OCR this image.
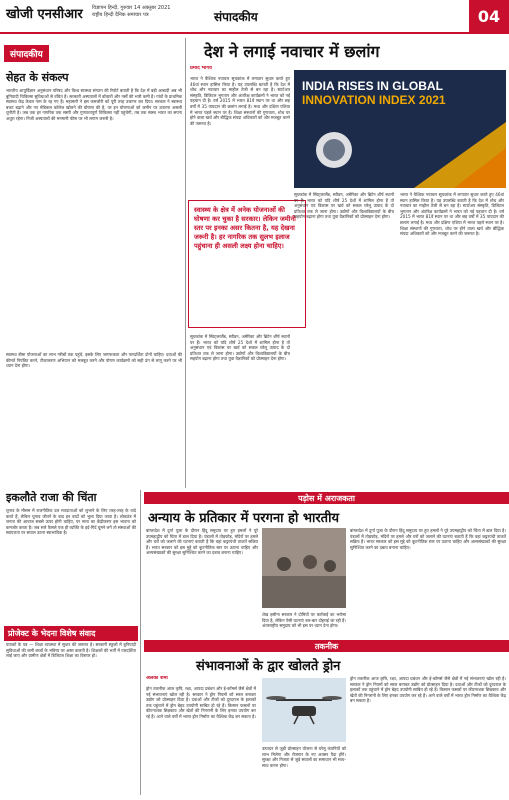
खोजी एनसीआर विज्ञापन हिन्दी, गुरुवार 14 अक्तूबर 2021
राष्ट्रीय हिन्दी दैनिक समाचार पत्र	संपादकीय	04
संपादकीय
सेहत के संकल्प
भारतीय आयुर्विज्ञान अनुसंधान परिषद और विश्व स्वास्थ्य संगठन की रिपोर्ट बताती है कि देश में बड़ी आबादी अब भी बुनियादी चिकित्सा सुविधाओं से वंचित है। सरकारी अस्पतालों में डॉक्टरों और नर्सों की भारी कमी है। गांवों के प्राथमिक स्वास्थ्य केंद्र केवल नाम के रह गए हैं। महामारी ने इस कमजोरी को पूरी तरह उजागर कर दिया। सरकार ने स्वास्थ्य बजट बढ़ाने और नए मेडिकल कॉलेज खोलने की घोषणा की है, पर इन घोषणाओं को जमीन पर उतारना असली चुनौती है। जब तक हर नागरिक तक सस्ती और गुणवत्तापूर्ण चिकित्सा नहीं पहुंचेगी, तब तक स्वस्थ भारत का सपना अधूरा रहेगा। निजी अस्पतालों की मनमानी फीस पर भी लगाम जरूरी है।
स्वास्थ्य बीमा योजनाओं का लाभ गरीबों तक पहुंचे, इसके लिए जागरूकता और पारदर्शिता दोनों चाहिए। दवाओं की कीमतें नियंत्रित करने, टीकाकरण अभियान को मजबूत करने और पोषण कार्यक्रमों को सही ढंग से लागू करने पर भी ध्यान देना होगा।
स्वास्थ्य के क्षेत्र में अनेक योजनाओं की घोषणा कर चुका है सरकार। लेकिन जमीनी स्तर पर इनका असर कितना है, यह देखना जरूरी है। हर नागरिक तक सुलभ इलाज पहुंचाना ही असली लक्ष्य होना चाहिए।
देश ने लगाई नवाचार में छलांग
प्रमोद भार्गव
भारत ने वैश्विक नवाचार सूचकांक में लगातार सुधार करते हुए 46वां स्थान हासिल किया है। यह उपलब्धि बताती है कि देश में शोध और नवाचार का माहौल तेजी से बन रहा है। स्टार्टअप संस्कृति, डिजिटल भुगतान और अंतरिक्ष कार्यक्रमों ने भारत को नई पहचान दी है। वर्ष 2015 में भारत 81वें स्थान पर था और छह वर्षों में 35 पायदान की छलांग लगाई है। मध्य और दक्षिण एशिया में भारत पहले स्थान पर है। शिक्षा संस्थानों की गुणवत्ता, शोध पर होने वाला खर्च और बौद्धिक संपदा अधिकारों को और मजबूत करने की जरूरत है।
INDIA RISES IN GLOBAL
INNOVATION INDEX 2021
सूचकांक में स्विट्जरलैंड, स्वीडन, अमेरिका और ब्रिटेन शीर्ष स्थानों पर हैं। भारत को यदि शीर्ष 25 देशों में शामिल होना है तो अनुसंधान एवं विकास पर खर्च को सकल घरेलू उत्पाद के दो प्रतिशत तक ले जाना होगा। उद्योगों और विश्वविद्यालयों के बीच सहयोग बढ़ाना होगा तथा युवा वैज्ञानिकों को प्रोत्साहन देना होगा।
भारत ने वैश्विक नवाचार सूचकांक में लगातार सुधार करते हुए 46वां स्थान हासिल किया है। यह उपलब्धि बताती है कि देश में शोध और नवाचार का माहौल तेजी से बन रहा है। स्टार्टअप संस्कृति, डिजिटल भुगतान और अंतरिक्ष कार्यक्रमों ने भारत को नई पहचान दी है। वर्ष 2015 में भारत 81वें स्थान पर था और छह वर्षों में 35 पायदान की छलांग लगाई है। मध्य और दक्षिण एशिया में भारत पहले स्थान पर है। शिक्षा संस्थानों की गुणवत्ता, शोध पर होने वाला खर्च और बौद्धिक संपदा अधिकारों को और मजबूत करने की जरूरत है।
सूचकांक में स्विट्जरलैंड, स्वीडन, अमेरिका और ब्रिटेन शीर्ष स्थानों पर हैं। भारत को यदि शीर्ष 25 देशों में शामिल होना है तो अनुसंधान एवं विकास पर खर्च को सकल घरेलू उत्पाद के दो प्रतिशत तक ले जाना होगा। उद्योगों और विश्वविद्यालयों के बीच सहयोग बढ़ाना होगा तथा युवा वैज्ञानिकों को प्रोत्साहन देना होगा।
इकलौते राजा की चिंता
चुनाव के मौसम में राजनीतिक दल मतदाताओं को लुभाने के लिए तरह-तरह के वादे करते हैं, लेकिन चुनाव जीतने के बाद इन वादों को भुला दिया जाता है। लोकतंत्र में जनता की आवाज सबसे ऊपर होनी चाहिए, पर सत्ता का केंद्रीकरण इस भावना को कमजोर करता है। जब सारे फैसले एक ही व्यक्ति के इर्द-गिर्द घूमने लगें तो संस्थाओं की स्वायत्तता पर सवाल उठना स्वाभाविक है।
प्रोजेक्ट के भेदना विशेष संवाद
पाठकों के पत्र — शिक्षा व्यवस्था में सुधार की जरूरत है। सरकारी स्कूलों में बुनियादी सुविधाओं की कमी बच्चों के भविष्य पर असर डालती है। शिक्षकों की भर्ती में पारदर्शिता लाई जाए और ग्रामीण क्षेत्रों में डिजिटल शिक्षा का विस्तार हो।
पड़ोस में अराजकता
अन्याय के प्रतिकार में परगना हो भारतीय
बांग्लादेश में दुर्गा पूजा के दौरान हिंदू समुदाय पर हुए हमलों ने पूरे उपमहाद्वीप को चिंता में डाल दिया है। पंडालों में तोड़फोड़, मंदिरों पर हमले और घरों को जलाने की घटनाएं बताती हैं कि वहां कट्टरपंथी ताकतें सक्रिय हैं। भारत सरकार को इस मुद्दे को कूटनीतिक स्तर पर उठाना चाहिए और अल्पसंख्यकों की सुरक्षा सुनिश्चित करने का दबाव बनाना चाहिए।
शेख हसीना सरकार ने दोषियों पर कार्रवाई का भरोसा दिया है, लेकिन ऐसी घटनाएं बार-बार दोहराई जा रही हैं। अंतरराष्ट्रीय समुदाय को भी इस पर ध्यान देना होगा।
बांग्लादेश में दुर्गा पूजा के दौरान हिंदू समुदाय पर हुए हमलों ने पूरे उपमहाद्वीप को चिंता में डाल दिया है। पंडालों में तोड़फोड़, मंदिरों पर हमले और घरों को जलाने की घटनाएं बताती हैं कि वहां कट्टरपंथी ताकतें सक्रिय हैं। भारत सरकार को इस मुद्दे को कूटनीतिक स्तर पर उठाना चाहिए और अल्पसंख्यकों की सुरक्षा सुनिश्चित करने का दबाव बनाना चाहिए।
तकनीक
संभावनाओं के द्वार खोलते ड्रोन
अलका शर्मा
ड्रोन तकनीक आज कृषि, रक्षा, आपदा प्रबंधन और ई-कॉमर्स जैसे क्षेत्रों में नई संभावनाएं खोल रही है। सरकार ने ड्रोन नियमों को सरल बनाकर उद्योग को प्रोत्साहन दिया है। दवाओं और टीकों को दूरदराज के इलाकों तक पहुंचाने में ड्रोन बेहद उपयोगी साबित हो रहे हैं। किसान फसलों पर कीटनाशक छिड़काव और खेतों की निगरानी के लिए इनका उपयोग कर रहे हैं। आने वाले वर्षों में भारत ड्रोन निर्माण का वैश्विक केंद्र बन सकता है।
उत्पादन से जुड़ी प्रोत्साहन योजना से घरेलू कंपनियों को लाभ मिलेगा और रोजगार के नए अवसर पैदा होंगे। सुरक्षा और निजता से जुड़े सवालों का समाधान भी साथ-साथ करना होगा।
ड्रोन तकनीक आज कृषि, रक्षा, आपदा प्रबंधन और ई-कॉमर्स जैसे क्षेत्रों में नई संभावनाएं खोल रही है। सरकार ने ड्रोन नियमों को सरल बनाकर उद्योग को प्रोत्साहन दिया है। दवाओं और टीकों को दूरदराज के इलाकों तक पहुंचाने में ड्रोन बेहद उपयोगी साबित हो रहे हैं। किसान फसलों पर कीटनाशक छिड़काव और खेतों की निगरानी के लिए इनका उपयोग कर रहे हैं। आने वाले वर्षों में भारत ड्रोन निर्माण का वैश्विक केंद्र बन सकता है।
